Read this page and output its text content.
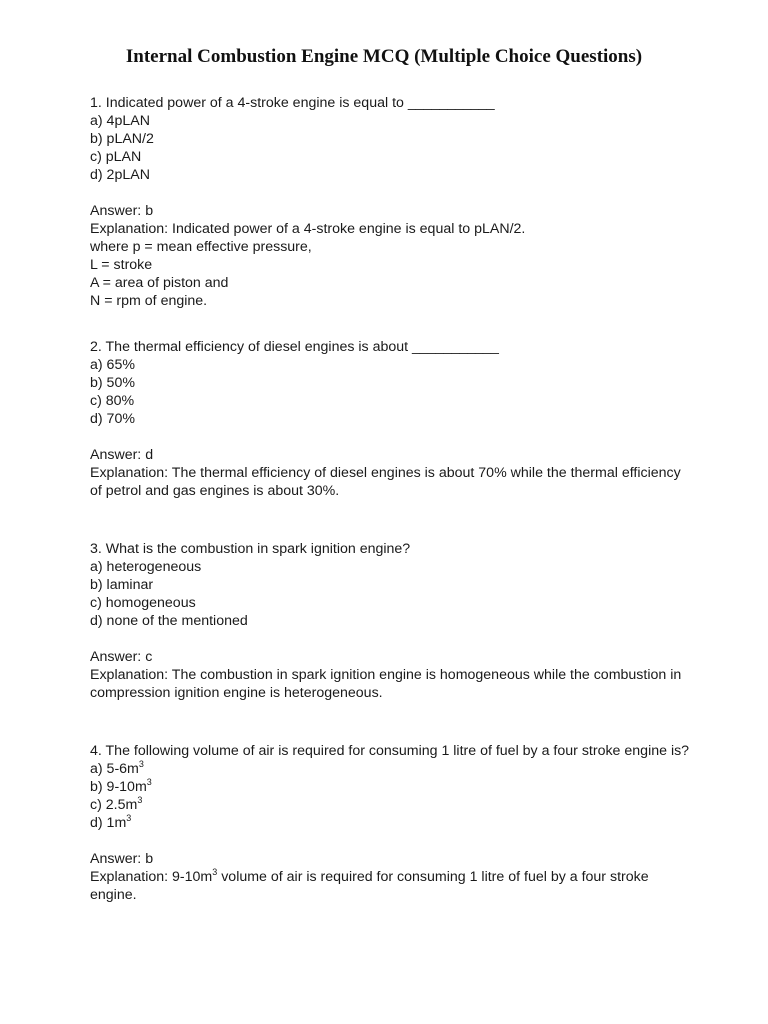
Internal Combustion Engine MCQ (Multiple Choice Questions)
1. Indicated power of a 4-stroke engine is equal to ___________
a) 4pLAN
b) pLAN/2
c) pLAN
d) 2pLAN
Answer: b
Explanation: Indicated power of a 4-stroke engine is equal to pLAN/2.
where p = mean effective pressure,
L = stroke
A = area of piston and
N = rpm of engine.
2. The thermal efficiency of diesel engines is about ___________
a) 65%
b) 50%
c) 80%
d) 70%
Answer: d
Explanation: The thermal efficiency of diesel engines is about 70% while the thermal efficiency of petrol and gas engines is about 30%.
3. What is the combustion in spark ignition engine?
a) heterogeneous
b) laminar
c) homogeneous
d) none of the mentioned
Answer: c
Explanation: The combustion in spark ignition engine is homogeneous while the combustion in compression ignition engine is heterogeneous.
4. The following volume of air is required for consuming 1 litre of fuel by a four stroke engine is?
a) $5-6m^3$
b) $9-10m^3$
c) $2.5m^3$
d) $1m^3$
Answer: b
Explanation: $9-10m^3$ volume of air is required for consuming 1 litre of fuel by a four stroke engine.
